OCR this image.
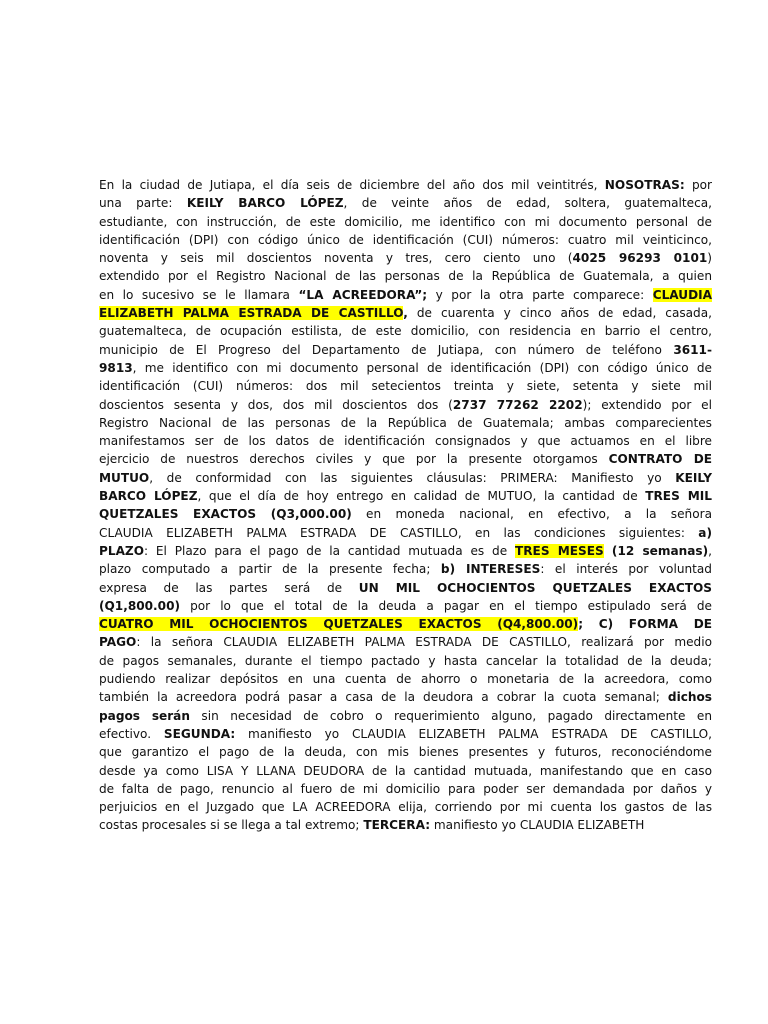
En la ciudad de Jutiapa, el día seis de diciembre del año dos mil veintitrés, NOSOTRAS: por
una parte: KEILY BARCO LÓPEZ, de veinte años de edad, soltera, guatemalteca,
estudiante, con instrucción, de este domicilio, me identifico con mi documento personal de
identificación (DPI) con código único de identificación (CUI) números: cuatro mil veinticinco,
noventa y seis mil doscientos noventa y tres, cero ciento uno (4025 96293 0101)
extendido por el Registro Nacional de las personas de la República de Guatemala, a quien
en lo sucesivo se le llamara “LA ACREEDORA”; y por la otra parte comparece: CLAUDIA
ELIZABETH PALMA ESTRADA DE CASTILLO, de cuarenta y cinco años de edad, casada,
guatemalteca, de ocupación estilista, de este domicilio, con residencia en barrio el centro,
municipio de El Progreso del Departamento de Jutiapa, con número de teléfono 3611-
9813, me identifico con mi documento personal de identificación (DPI) con código único de
identificación (CUI) números: dos mil setecientos treinta y siete, setenta y siete mil
doscientos sesenta y dos, dos mil doscientos dos (2737 77262 2202); extendido por el
Registro Nacional de las personas de la República de Guatemala; ambas comparecientes
manifestamos ser de los datos de identificación consignados y que actuamos en el libre
ejercicio de nuestros derechos civiles y que por la presente otorgamos CONTRATO DE
MUTUO, de conformidad con las siguientes cláusulas: PRIMERA: Manifiesto yo KEILY
BARCO LÓPEZ, que el día de hoy entrego en calidad de MUTUO, la cantidad de TRES MIL
QUETZALES EXACTOS (Q3,000.00) en moneda nacional, en efectivo, a la señora
CLAUDIA ELIZABETH PALMA ESTRADA DE CASTILLO, en las condiciones siguientes: a)
PLAZO: El Plazo para el pago de la cantidad mutuada es de TRES MESES (12 semanas),
plazo computado a partir de la presente fecha; b) INTERESES: el interés por voluntad
expresa de las partes será de UN MIL OCHOCIENTOS QUETZALES EXACTOS
(Q1,800.00) por lo que el total de la deuda a pagar en el tiempo estipulado será de
CUATRO MIL OCHOCIENTOS QUETZALES EXACTOS (Q4,800.00); C) FORMA DE
PAGO: la señora CLAUDIA ELIZABETH PALMA ESTRADA DE CASTILLO, realizará por medio
de pagos semanales, durante el tiempo pactado y hasta cancelar la totalidad de la deuda;
pudiendo realizar depósitos en una cuenta de ahorro o monetaria de la acreedora, como
también la acreedora podrá pasar a casa de la deudora a cobrar la cuota semanal; dichos
pagos serán sin necesidad de cobro o requerimiento alguno, pagado directamente en
efectivo. SEGUNDA: manifiesto yo CLAUDIA ELIZABETH PALMA ESTRADA DE CASTILLO,
que garantizo el pago de la deuda, con mis bienes presentes y futuros, reconociéndome
desde ya como LISA Y LLANA DEUDORA de la cantidad mutuada, manifestando que en caso
de falta de pago, renuncio al fuero de mi domicilio para poder ser demandada por daños y
perjuicios en el Juzgado que LA ACREEDORA elija, corriendo por mi cuenta los gastos de las
costas procesales si se llega a tal extremo; TERCERA: manifiesto yo CLAUDIA ELIZABETH
